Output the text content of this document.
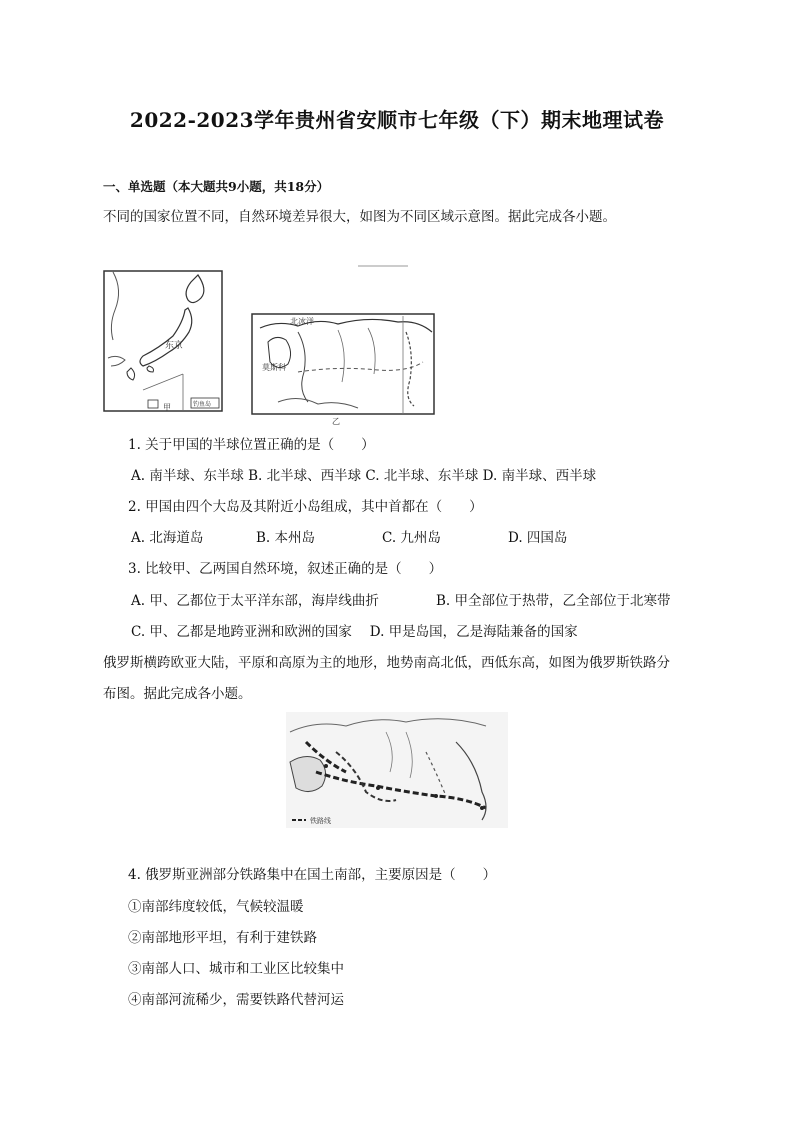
2022-2023学年贵州省安顺市七年级（下）期末地理试卷
一、单选题（本大题共9小题，共18分）
不同的国家位置不同，自然环境差异很大，如图为不同区域示意图。据此完成各小题。
东京
钓鱼岛
甲
北冰洋
莫斯科
乙
1. 关于甲国的半球位置正确的是（　　）
A. 南半球、东半球 B. 北半球、西半球 C. 北半球、东半球 D. 南半球、西半球
2. 甲国由四个大岛及其附近小岛组成，其中首都在（　　）
A. 北海道岛	B. 本州岛	C. 九州岛	D. 四国岛
3. 比较甲、乙两国自然环境，叙述正确的是（　　）
A. 甲、乙都位于太平洋东部，海岸线曲折	B. 甲全部位于热带，乙全部位于北寒带
C. 甲、乙都是地跨亚洲和欧洲的国家　 D. 甲是岛国，乙是海陆兼备的国家
俄罗斯横跨欧亚大陆，平原和高原为主的地形，地势南高北低，西低东高，如图为俄罗斯铁路分
布图。据此完成各小题。
铁路线
4. 俄罗斯亚洲部分铁路集中在国土南部，主要原因是（　　）
①南部纬度较低，气候较温暖
②南部地形平坦，有利于建铁路
③南部人口、城市和工业区比较集中
④南部河流稀少，需要铁路代替河运
